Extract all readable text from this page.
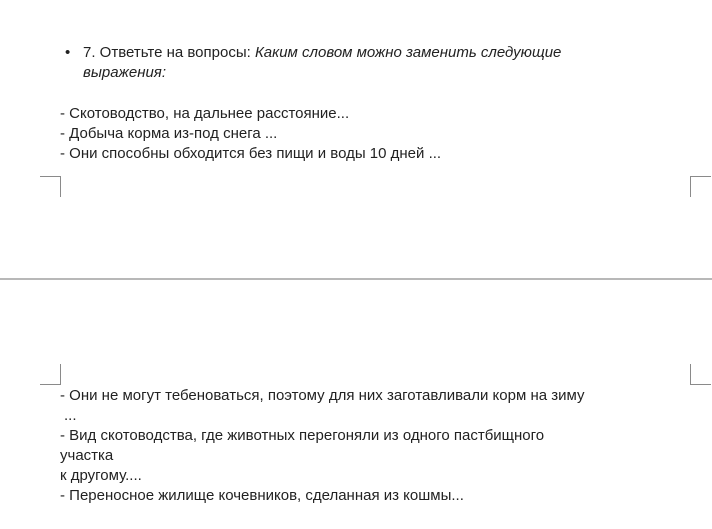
• 7. Ответьте на вопросы: Каким словом можно заменить следующие
выражения:
- Скотоводство, на дальнее расстояние...
- Добыча корма из-под снега ...
- Они способны обходится без пищи и воды 10 дней ...
- Они не могут тебеноваться, поэтому для них заготавливали корм на зиму
...
- Вид скотоводства, где животных перегоняли из одного пастбищного
участка
к другому....
- Переносное жилище кочевников, сделанная из кошмы...
